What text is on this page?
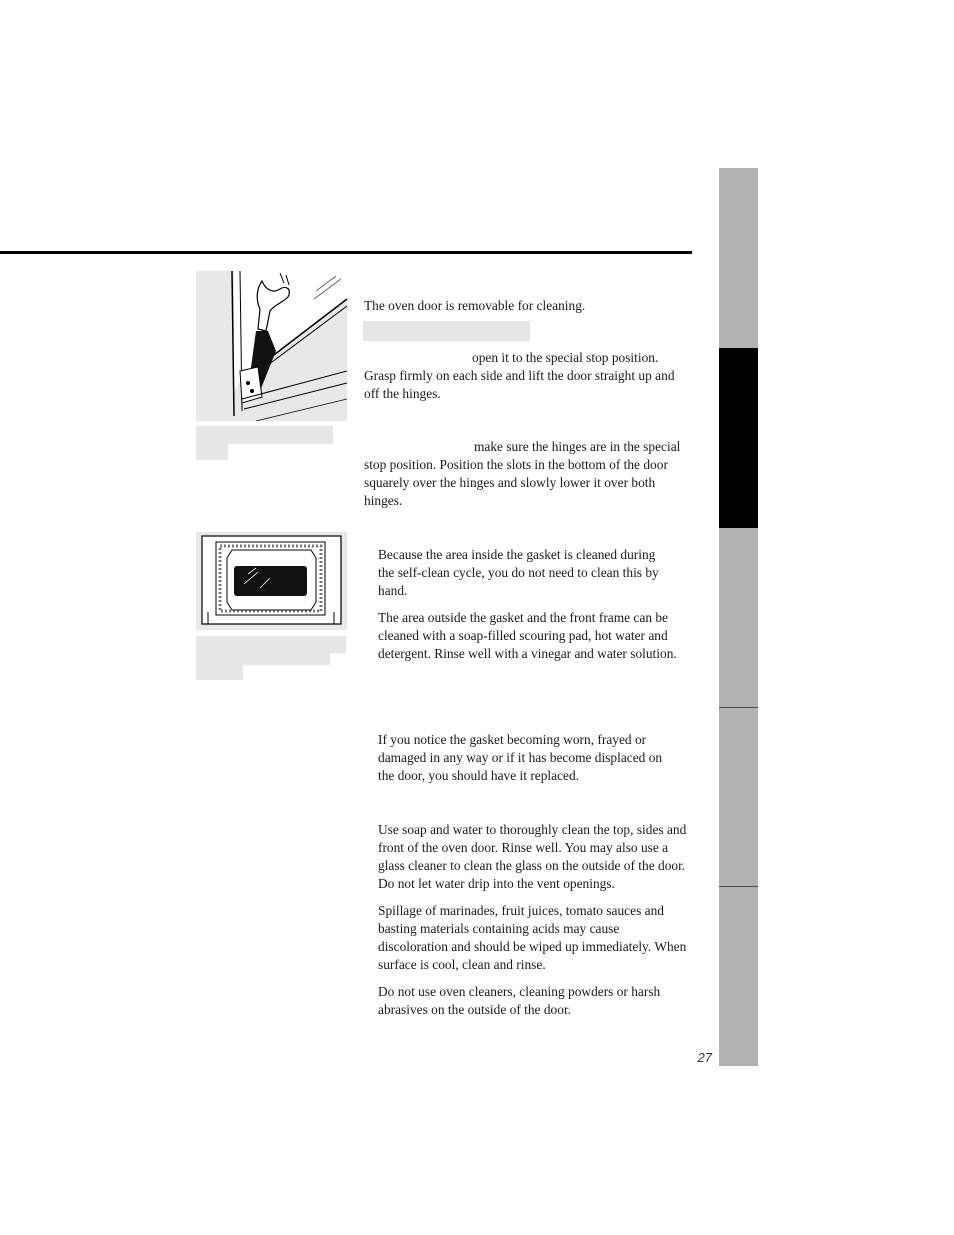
The oven door is removable for cleaning.

open it to the special stop position. Grasp firmly on each side and lift the door straight up and off the hinges.

make sure the hinges are in the special stop position. Position the slots in the bottom of the door squarely over the hinges and slowly lower it over both hinges.

Because the area inside the gasket is cleaned during the self-clean cycle, you do not need to clean this by hand.

The area outside the gasket and the front frame can be cleaned with a soap-filled scouring pad, hot water and detergent. Rinse well with a vinegar and water solution.

If you notice the gasket becoming worn, frayed or damaged in any way or if it has become displaced on the door, you should have it replaced.

Use soap and water to thoroughly clean the top, sides and front of the oven door. Rinse well. You may also use a glass cleaner to clean the glass on the outside of the door. Do not let water drip into the vent openings.

Spillage of marinades, fruit juices, tomato sauces and basting materials containing acids may cause discoloration and should be wiped up immediately. When surface is cool, clean and rinse.

Do not use oven cleaners, cleaning powders or harsh abrasives on the outside of the door.

27
